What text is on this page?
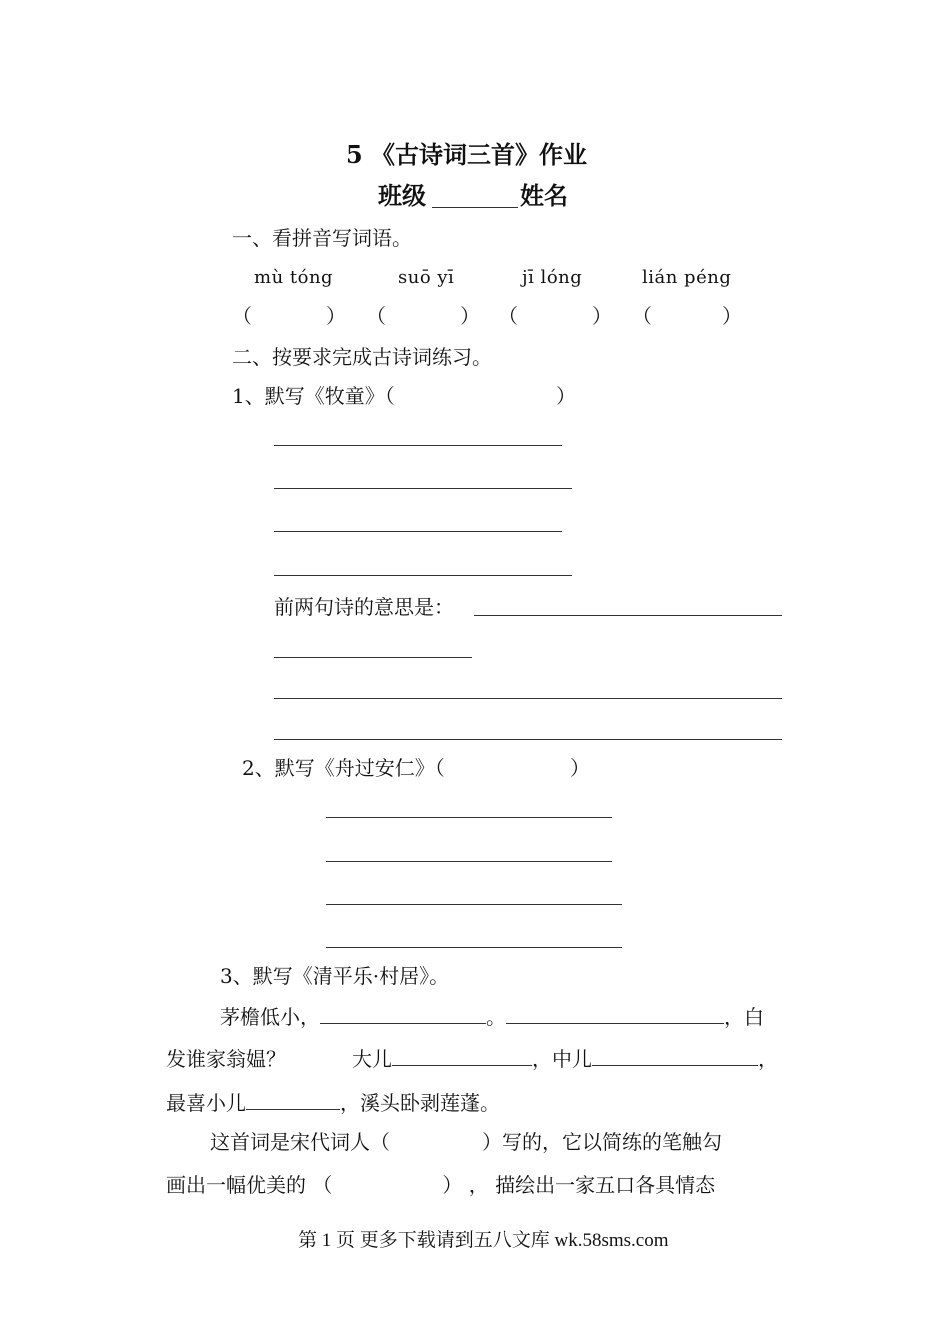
5 《古诗词三首》作业
班级	姓名
一、看拼音写词语。
mù tóng	suō yī	jī lóng	lián péng
（	） （	） （	） （	）
二、按要求完成古诗词练习。
1、默写《牧童》（	）
前两句诗的意思是：
2、默写《舟过安仁》（	）
3、默写《清平乐·村居》。
茅檐低小，	。	，白
发谁家翁媪？	大儿	，中儿	，
最喜小儿	，溪头卧剥莲蓬。
这首词是宋代词人（	）写的，它以简练的笔触勾
画出一幅优美的 （	） ， 描绘出一家五口各具情态
第 1 页 更多下载请到五八文库 wk.58sms.com
